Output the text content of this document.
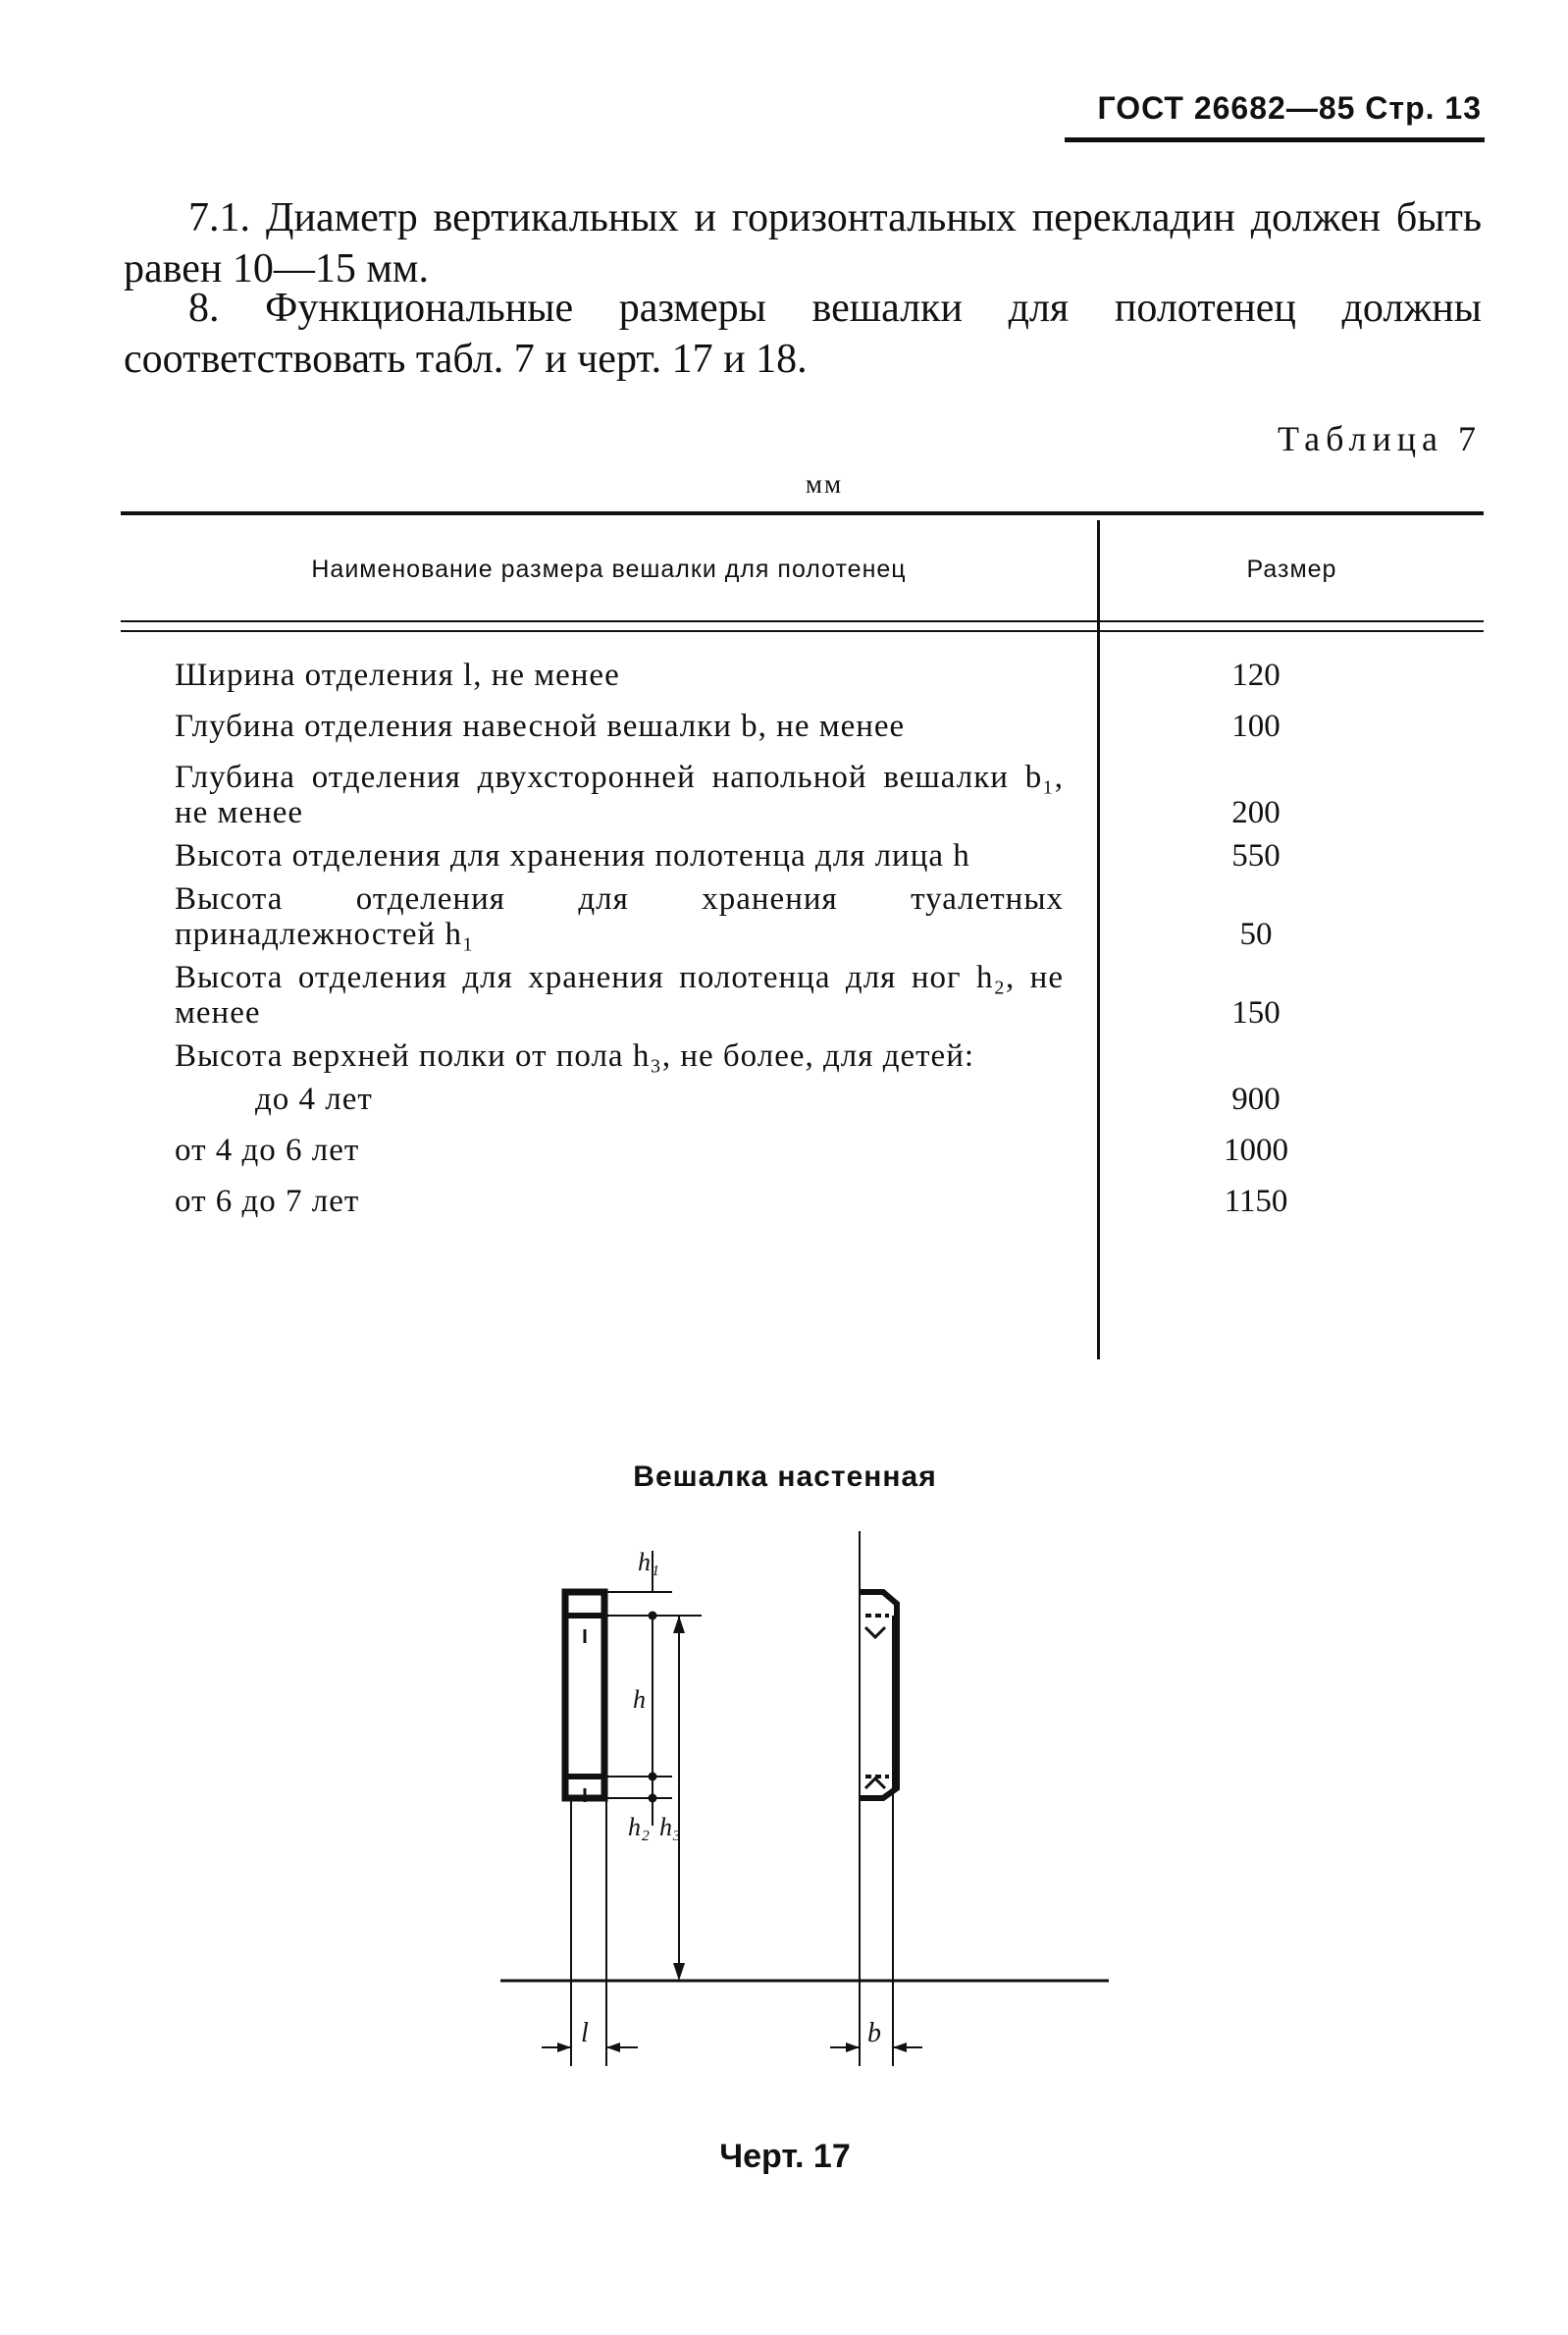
ГОСТ 26682—85 Стр. 13

7.1. Диаметр вертикальных и горизонтальных перекладин должен быть равен 10—15 мм.

8. Функциональные размеры вешалки для полотенец должны соответствовать табл. 7 и черт. 17 и 18.

Таблица 7
мм
Наименование размера вешалки для полотенец	Размер
Ширина отделения l, не менее	120
Глубина отделения навесной вешалки b, не менее	100
Глубина отделения двухсторонней напольной вешалки b₁, не менее	200
Высота отделения для хранения полотенца для лица h	550
Высота отделения для хранения туалетных принадлежностей h₁	50
Высота отделения для хранения полотенца для ног h₂, не менее	150
Высота верхней полки от пола h₃, не более, для детей:
до 4 лет	900
от 4 до 6 лет	1000
от 6 до 7 лет	1150
Вешалка настенная
h₁
h
h₂ h₃
l	b
Черт. 17
